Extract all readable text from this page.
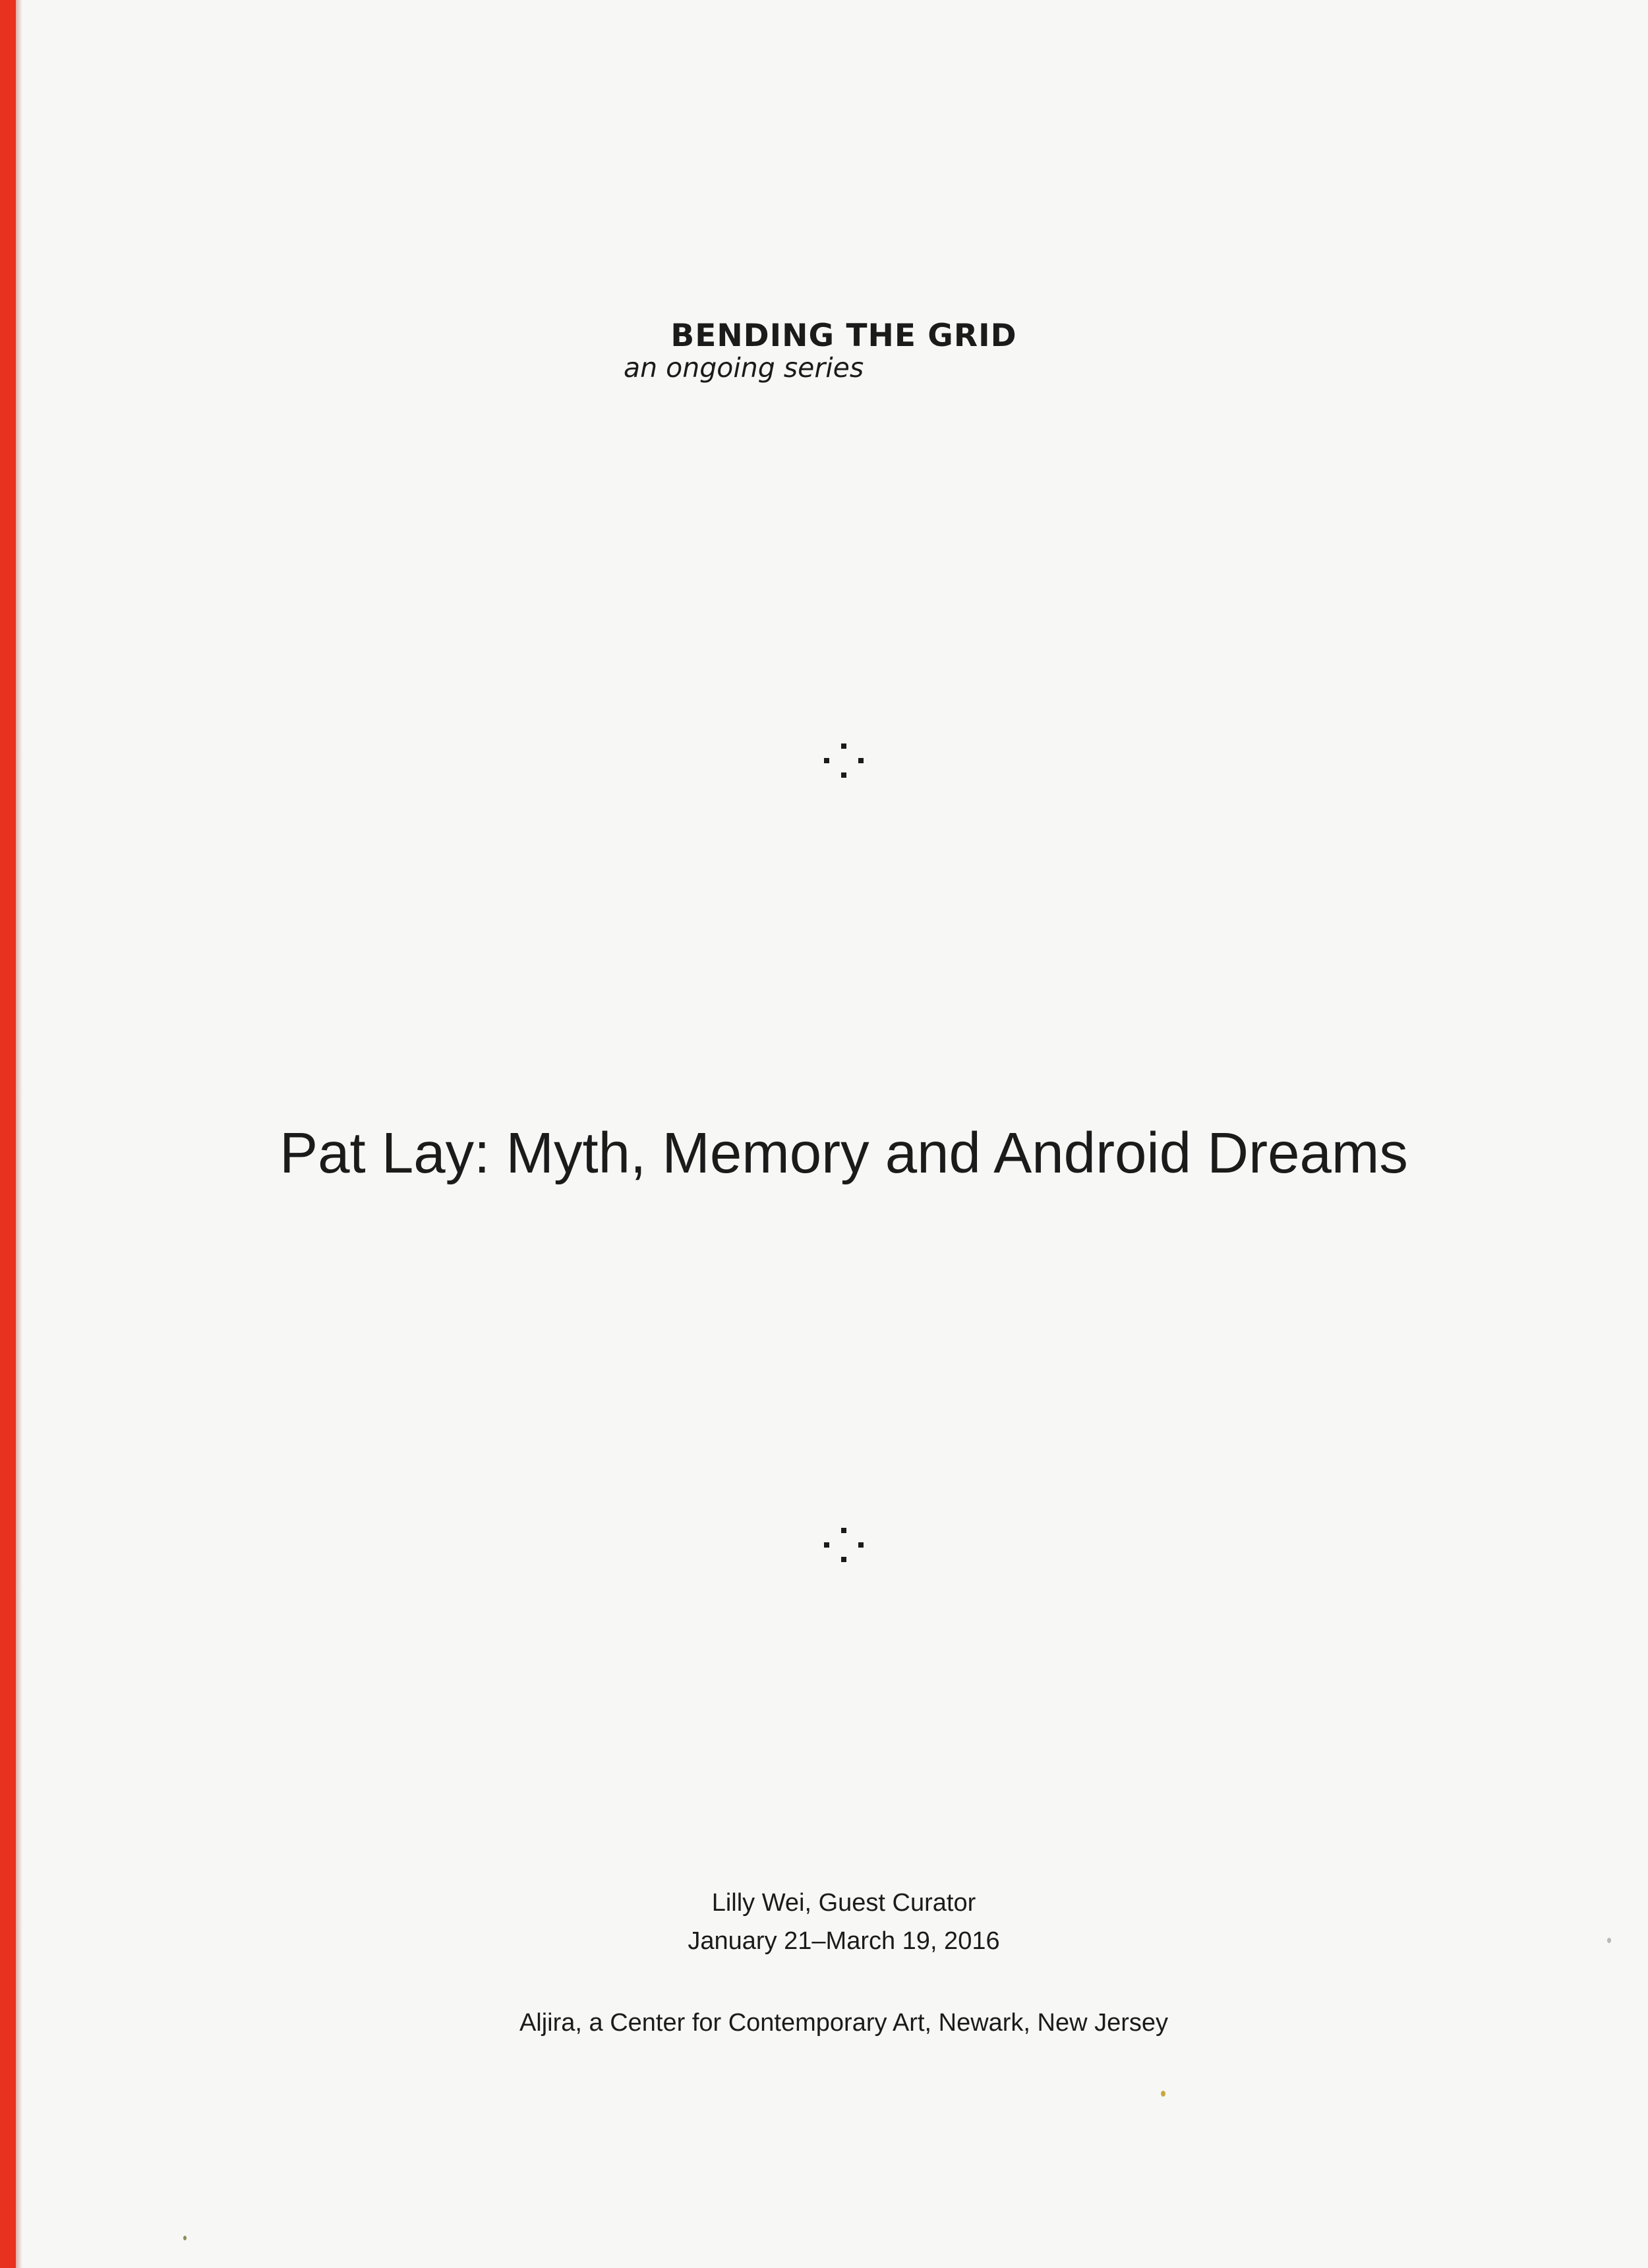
BENDING THE GRID

an ongoing series
Pat Lay: Myth, Memory and Android Dreams
Lilly Wei, Guest Curator
January 21–March 19, 2016
Aljira, a Center for Contemporary Art, Newark, New Jersey
